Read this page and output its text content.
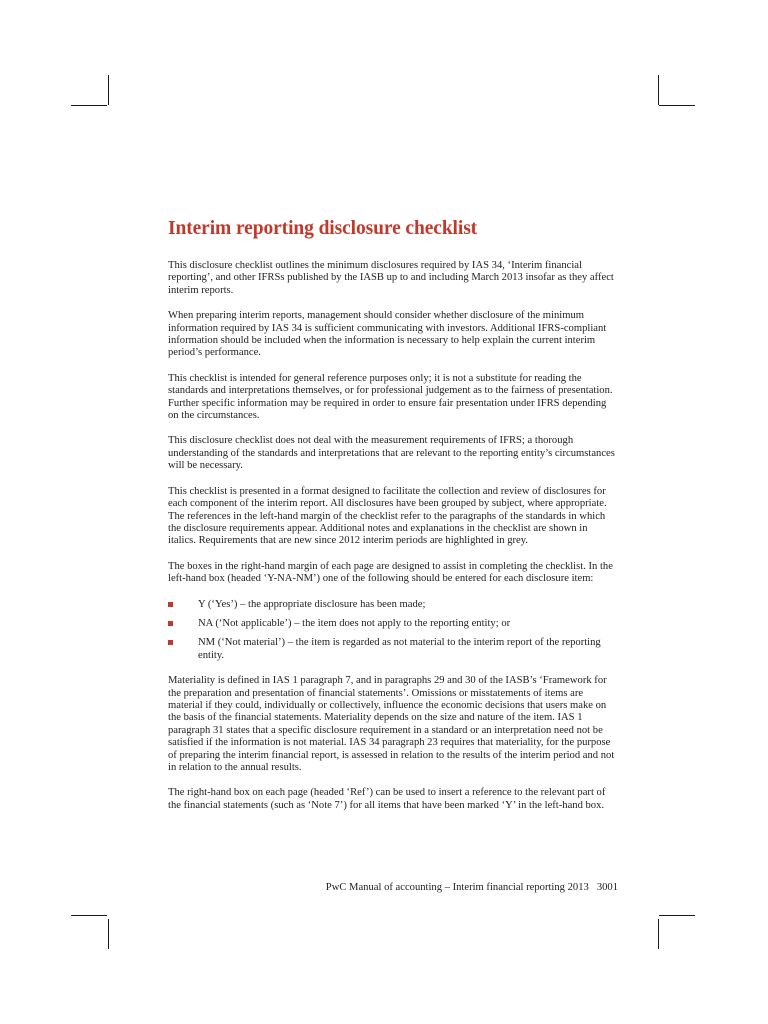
Interim reporting disclosure checklist

This disclosure checklist outlines the minimum disclosures required by IAS 34, ‘Interim financial reporting’, and other IFRSs published by the IASB up to and including March 2013 insofar as they affect interim reports.

When preparing interim reports, management should consider whether disclosure of the minimum information required by IAS 34 is sufficient communicating with investors. Additional IFRS-compliant information should be included when the information is necessary to help explain the current interim period’s performance.

This checklist is intended for general reference purposes only; it is not a substitute for reading the standards and interpretations themselves, or for professional judgement as to the fairness of presentation. Further specific information may be required in order to ensure fair presentation under IFRS depending on the circumstances.

This disclosure checklist does not deal with the measurement requirements of IFRS; a thorough understanding of the standards and interpretations that are relevant to the reporting entity’s circumstances will be necessary.

This checklist is presented in a format designed to facilitate the collection and review of disclosures for each component of the interim report. All disclosures have been grouped by subject, where appropriate. The references in the left-hand margin of the checklist refer to the paragraphs of the standards in which the disclosure requirements appear. Additional notes and explanations in the checklist are shown in italics. Requirements that are new since 2012 interim periods are highlighted in grey.

The boxes in the right-hand margin of each page are designed to assist in completing the checklist. In the left-hand box (headed ‘Y-NA-NM’) one of the following should be entered for each disclosure item:

Y (‘Yes’) – the appropriate disclosure has been made;
NA (‘Not applicable’) – the item does not apply to the reporting entity; or
NM (‘Not material’) – the item is regarded as not material to the interim report of the reporting entity.

Materiality is defined in IAS 1 paragraph 7, and in paragraphs 29 and 30 of the IASB’s ‘Framework for the preparation and presentation of financial statements’. Omissions or misstatements of items are material if they could, individually or collectively, influence the economic decisions that users make on the basis of the financial statements. Materiality depends on the size and nature of the item. IAS 1 paragraph 31 states that a specific disclosure requirement in a standard or an interpretation need not be satisfied if the information is not material. IAS 34 paragraph 23 requires that materiality, for the purpose of preparing the interim financial report, is assessed in relation to the results of the interim period and not in relation to the annual results.

The right-hand box on each page (headed ‘Ref’) can be used to insert a reference to the relevant part of the financial statements (such as ‘Note 7’) for all items that have been marked ‘Y’ in the left-hand box.

PwC Manual of accounting – Interim financial reporting 2013 3001
